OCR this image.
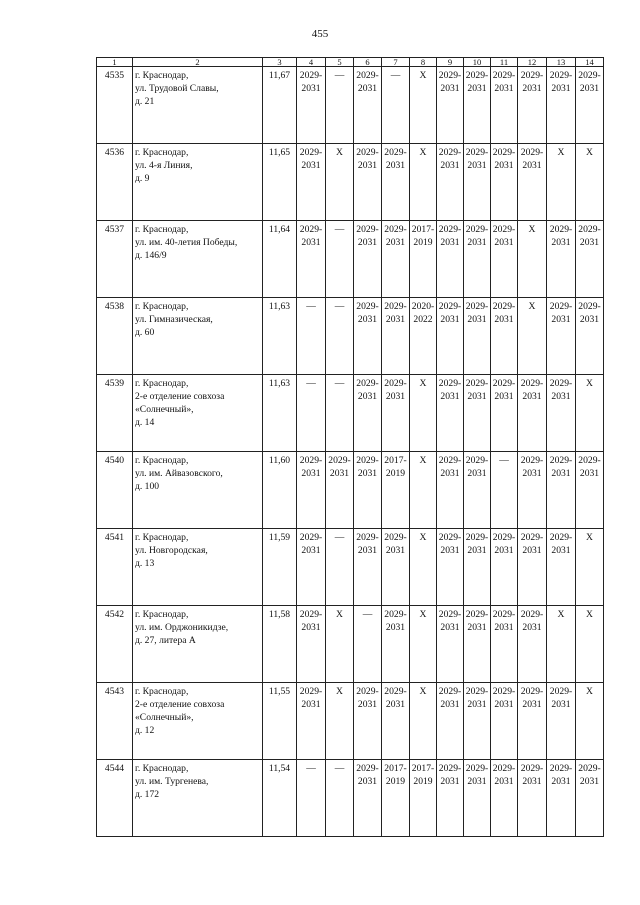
455
1	2	3	4	5	6	7	8	9	10	11	12	13	14
4535	г. Краснодар,
ул. Трудовой Славы,
д. 21	11,67	2029-
2031	—	2029-
2031	—	X	2029-
2031	2029-
2031	2029-
2031	2029-
2031	2029-
2031	2029-
2031

4536	г. Краснодар,
ул. 4-я Линия,
д. 9	11,65	2029-
2031	X	2029-
2031	2029-
2031	X	2029-
2031	2029-
2031	2029-
2031	2029-
2031	X	X

4537	г. Краснодар,
ул. им. 40-летия Победы,
д. 146/9	11,64	2029-
2031	—	2029-
2031	2029-
2031	2017-
2019	2029-
2031	2029-
2031	2029-
2031	X	2029-
2031	2029-
2031

4538	г. Краснодар,
ул. Гимназическая,
д. 60	11,63	—	—	2029-
2031	2029-
2031	2020-
2022	2029-
2031	2029-
2031	2029-
2031	X	2029-
2031	2029-
2031

4539	г. Краснодар,
2-е отделение совхоза
«Солнечный»,
д. 14	11,63	—	—	2029-
2031	2029-
2031	X	2029-
2031	2029-
2031	2029-
2031	2029-
2031	2029-
2031	X

4540	г. Краснодар,
ул. им. Айвазовского,
д. 100	11,60	2029-
2031	2029-
2031	2029-
2031	2017-
2019	X	2029-
2031	2029-
2031	—	2029-
2031	2029-
2031	2029-
2031

4541	г. Краснодар,
ул. Новгородская,
д. 13	11,59	2029-
2031	—	2029-
2031	2029-
2031	X	2029-
2031	2029-
2031	2029-
2031	2029-
2031	2029-
2031	X

4542	г. Краснодар,
ул. им. Орджоникидзе,
д. 27, литера А	11,58	2029-
2031	X	—	2029-
2031	X	2029-
2031	2029-
2031	2029-
2031	2029-
2031	X	X

4543	г. Краснодар,
2-е отделение совхоза
«Солнечный»,
д. 12	11,55	2029-
2031	X	2029-
2031	2029-
2031	X	2029-
2031	2029-
2031	2029-
2031	2029-
2031	2029-
2031	X

4544	г. Краснодар,
ул. им. Тургенева,
д. 172	11,54	—	—	2029-
2031	2017-
2019	2017-
2019	2029-
2031	2029-
2031	2029-
2031	2029-
2031	2029-
2031	2029-
2031
